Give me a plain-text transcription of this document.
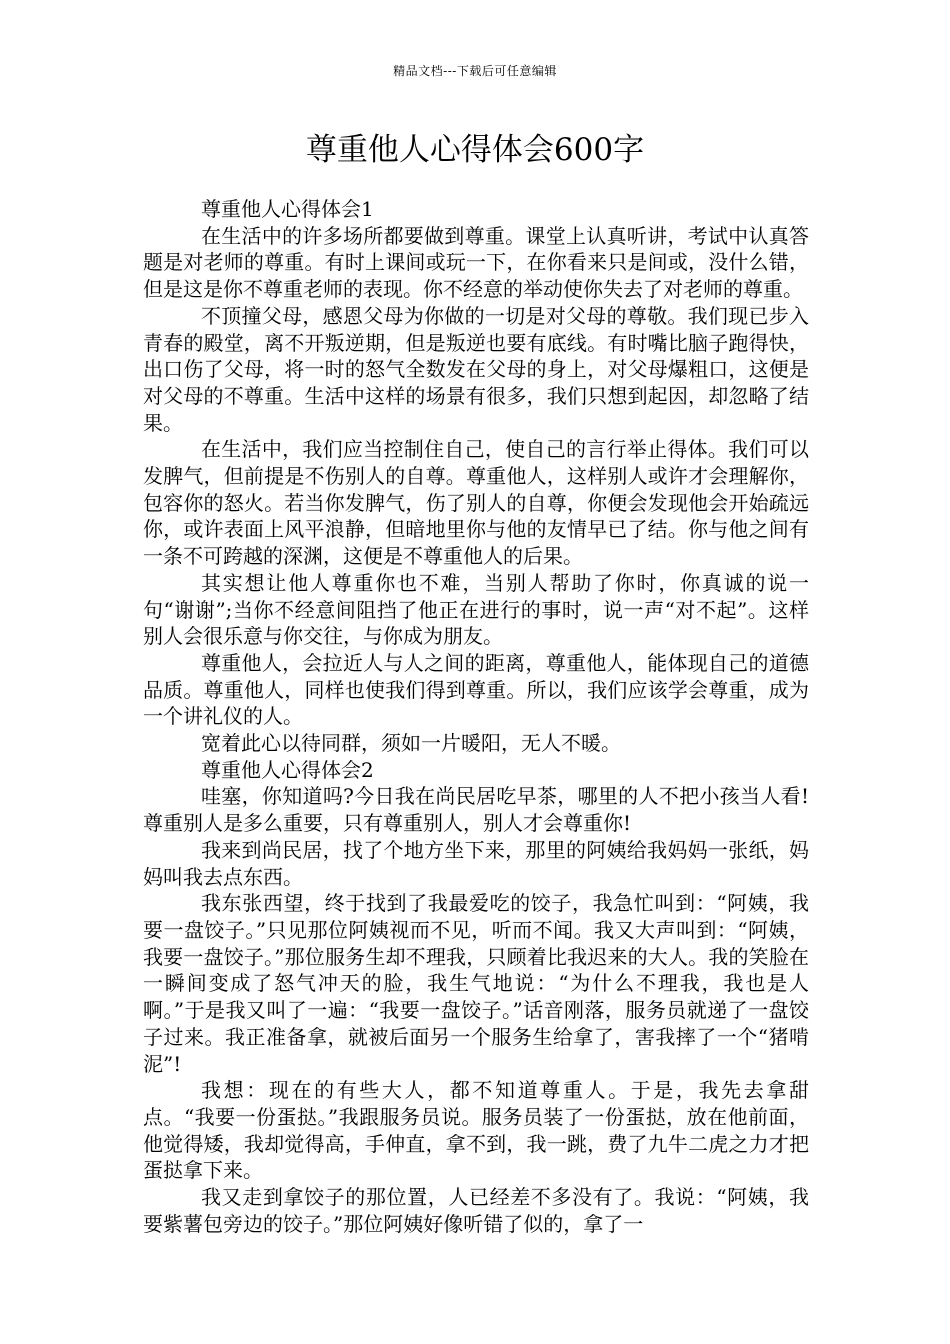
精品文档---下载后可任意编辑
尊重他人心得体会600字

尊重他人心得体会1

在生活中的许多场所都要做到尊重。课堂上认真听讲，考试中认真答题是对老师的尊重。有时上课间或玩一下，在你看来只是间或，没什么错，但是这是你不尊重老师的表现。你不经意的举动使你失去了对老师的尊重。

不顶撞父母，感恩父母为你做的一切是对父母的尊敬。我们现已步入青春的殿堂，离不开叛逆期，但是叛逆也要有底线。有时嘴比脑子跑得快，出口伤了父母，将一时的怒气全数发在父母的身上，对父母爆粗口，这便是对父母的不尊重。生活中这样的场景有很多，我们只想到起因，却忽略了结果。

在生活中，我们应当控制住自己，使自己的言行举止得体。我们可以发脾气，但前提是不伤别人的自尊。尊重他人，这样别人或许才会理解你，包容你的怒火。若当你发脾气，伤了别人的自尊，你便会发现他会开始疏远你，或许表面上风平浪静，但暗地里你与他的友情早已了结。你与他之间有一条不可跨越的深渊，这便是不尊重他人的后果。

其实想让他人尊重你也不难，当别人帮助了你时，你真诚的说一句“谢谢”;当你不经意间阻挡了他正在进行的事时，说一声“对不起”。这样别人会很乐意与你交往，与你成为朋友。

尊重他人，会拉近人与人之间的距离，尊重他人，能体现自己的道德品质。尊重他人，同样也使我们得到尊重。所以，我们应该学会尊重，成为一个讲礼仪的人。

宽着此心以待同群，须如一片暖阳，无人不暖。

尊重他人心得体会2

哇塞，你知道吗?今日我在尚民居吃早茶，哪里的人不把小孩当人看!尊重别人是多么重要，只有尊重别人，别人才会尊重你!

我来到尚民居，找了个地方坐下来，那里的阿姨给我妈妈一张纸，妈妈叫我去点东西。

我东张西望，终于找到了我最爱吃的饺子，我急忙叫到：“阿姨，我要一盘饺子。”只见那位阿姨视而不见，听而不闻。我又大声叫到：“阿姨，我要一盘饺子。”那位服务生却不理我，只顾着比我迟来的大人。我的笑脸在一瞬间变成了怒气冲天的脸，我生气地说：“为什么不理我，我也是人啊。”于是我又叫了一遍：“我要一盘饺子。”话音刚落，服务员就递了一盘饺子过来。我正准备拿，就被后面另一个服务生给拿了，害我摔了一个“猪啃泥”!

我想：现在的有些大人，都不知道尊重人。于是，我先去拿甜点。“我要一份蛋挞。”我跟服务员说。服务员装了一份蛋挞，放在他前面，他觉得矮，我却觉得高，手伸直，拿不到，我一跳，费了九牛二虎之力才把蛋挞拿下来。

我又走到拿饺子的那位置，人已经差不多没有了。我说：“阿姨，我要紫薯包旁边的饺子。”那位阿姨好像听错了似的，拿了一
